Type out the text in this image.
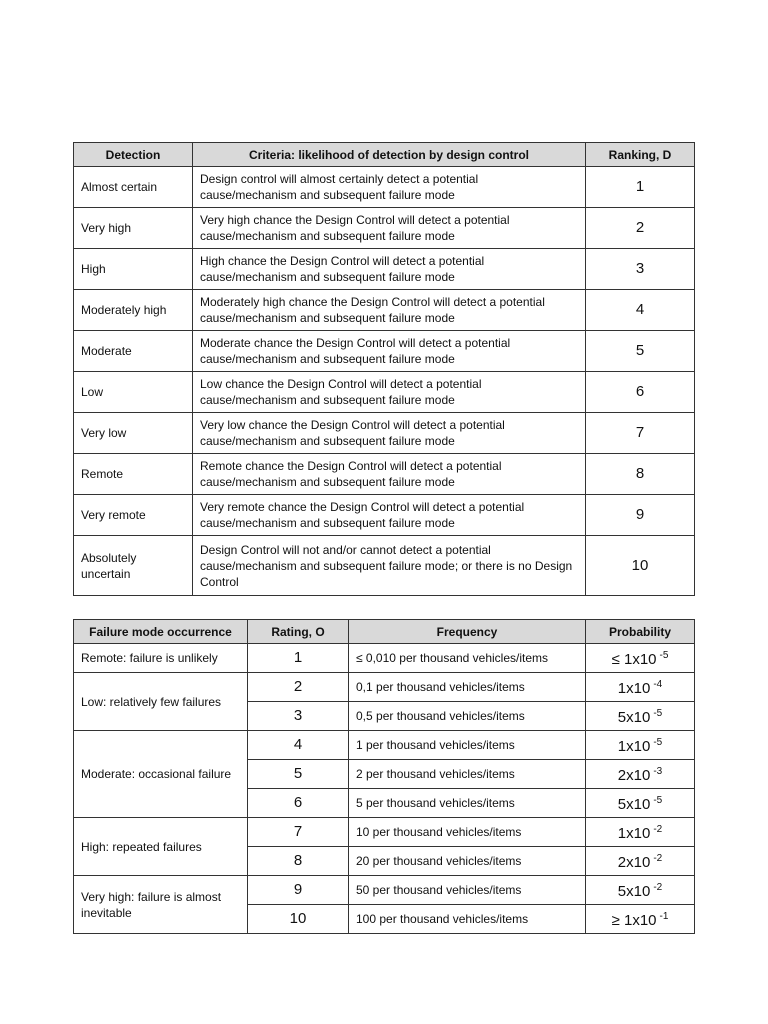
Detection	Criteria: likelihood of detection by design control	Ranking, D
Almost certain	Design control will almost certainly detect a potential cause/mechanism and subsequent failure mode	1
Very high	Very high chance the Design Control will detect a potential cause/mechanism and subsequent failure mode	2
High	High chance the Design Control will detect a potential cause/mechanism and subsequent failure mode	3
Moderately high	Moderately high chance the Design Control will detect a potential cause/mechanism and subsequent failure mode	4
Moderate	Moderate chance the Design Control will detect a potential cause/mechanism and subsequent failure mode	5
Low	Low chance the Design Control will detect a potential cause/mechanism and subsequent failure mode	6
Very low	Very low chance the Design Control will detect a potential cause/mechanism and subsequent failure mode	7
Remote	Remote chance the Design Control will detect a potential cause/mechanism and subsequent failure mode	8
Very remote	Very remote chance the Design Control will detect a potential cause/mechanism and subsequent failure mode	9
Absolutely uncertain	Design Control will not and/or cannot detect a potential cause/mechanism and subsequent failure mode; or there is no Design Control	10
Failure mode occurrence	Rating, O	Frequency	Probability
Remote: failure is unlikely	1	≤ 0,010 per thousand vehicles/items	≤ 1x10 $^{-5}$
Low: relatively few failures	2	0,1 per thousand vehicles/items	1x10 $^{-4}$
	3	0,5 per thousand vehicles/items	5x10 $^{-5}$
Moderate: occasional failure	4	1 per thousand vehicles/items	1x10 $^{-5}$
	5	2 per thousand vehicles/items	2x10 $^{-3}$
	6	5 per thousand vehicles/items	5x10 $^{-5}$
High: repeated failures	7	10 per thousand vehicles/items	1x10 $^{-2}$
	8	20 per thousand vehicles/items	2x10 $^{-2}$
Very high: failure is almost inevitable	9	50 per thousand vehicles/items	5x10 $^{-2}$
	10	100 per thousand vehicles/items	≥ 1x10 $^{-1}$
